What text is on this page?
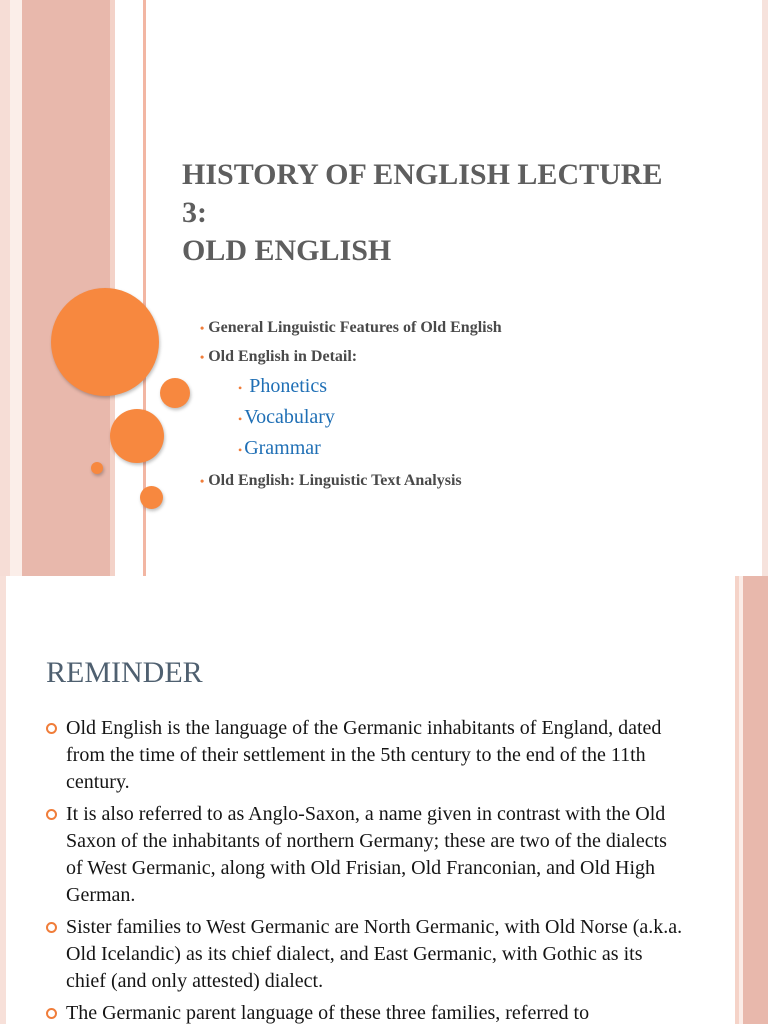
HISTORY OF ENGLISH LECTURE
3:
OLD ENGLISH
• General Linguistic Features of Old English
• Old English in Detail:
• Phonetics
• Vocabulary
• Grammar
• Old English: Linguistic Text Analysis
REMINDER
Old English is the language of the Germanic inhabitants of England, dated from the time of their settlement in the 5th century to the end of the 11th century.
It is also referred to as Anglo-Saxon, a name given in contrast with the Old Saxon of the inhabitants of northern Germany; these are two of the dialects of West Germanic, along with Old Frisian, Old Franconian, and Old High German.
Sister families to West Germanic are North Germanic, with Old Norse (a.k.a. Old Icelandic) as its chief dialect, and East Germanic, with Gothic as its chief (and only attested) dialect.
The Germanic parent language of these three families, referred to
